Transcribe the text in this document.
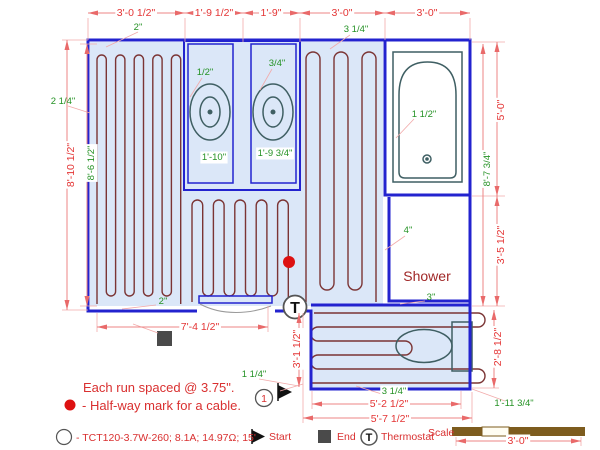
1
T
3'-0 1/2"	1'-9 1/2"	1'-9"	3'-0"	3'-0"
8'-10 1/2" 8'-6 1/2"
2 1/4"
2"	3 1/4"
1/2"
3/4"
1'-10"	1'-9 3/4"
1 1/2"	5'-0"
8'-7 3/4"
3'-5 1/2"
2'-8 1/2"
4"
Shower
3"
2"
7'-4 1/2"
3'-1 1/2"
1 1/4"
3 1/4"
5'-2 1/2"
5'-7 1/2"
1'-11 3/4"
Each run spaced @ 3.75".
- Half-way mark for a cable.
- TCT120-3.7W-260; 8.1A; 14.97Ω; 15' Start	End T Thermostat
Scale
3'-0"
